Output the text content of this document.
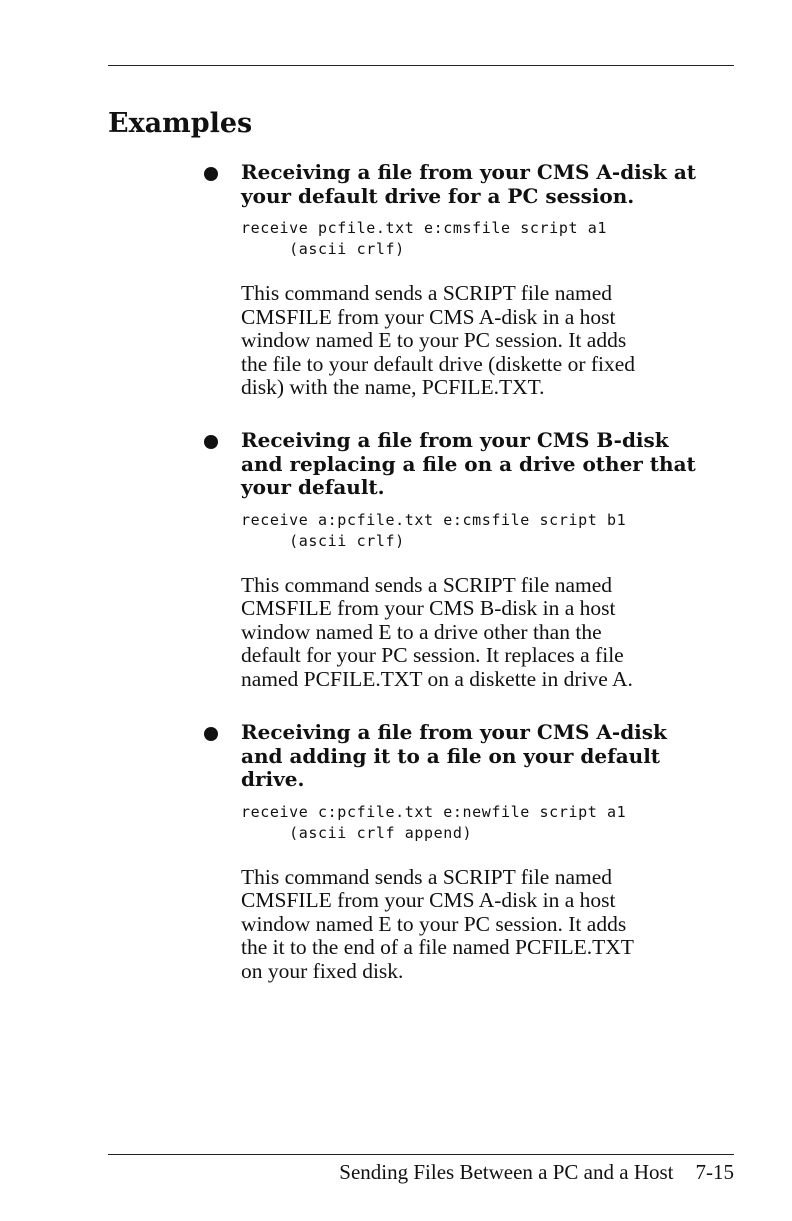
Examples

Receiving a file from your CMS A-disk at
your default drive for a PC session.

receive pcfile.txt e:cmsfile script a1
(ascii crlf)

This command sends a SCRIPT file named
CMSFILE from your CMS A-disk in a host
window named E to your PC session. It adds
the file to your default drive (diskette or fixed
disk) with the name, PCFILE.TXT.

Receiving a file from your CMS B-disk
and replacing a file on a drive other that
your default.

receive a:pcfile.txt e:cmsfile script b1
(ascii crlf)

This command sends a SCRIPT file named
CMSFILE from your CMS B-disk in a host
window named E to a drive other than the
default for your PC session. It replaces a file
named PCFILE.TXT on a diskette in drive A.

Receiving a file from your CMS A-disk
and adding it to a file on your default
drive.

receive c:pcfile.txt e:newfile script a1
(ascii crlf append)

This command sends a SCRIPT file named
CMSFILE from your CMS A-disk in a host
window named E to your PC session. It adds
the it to the end of a file named PCFILE.TXT
on your fixed disk.

Sending Files Between a PC and a Host 7-15
